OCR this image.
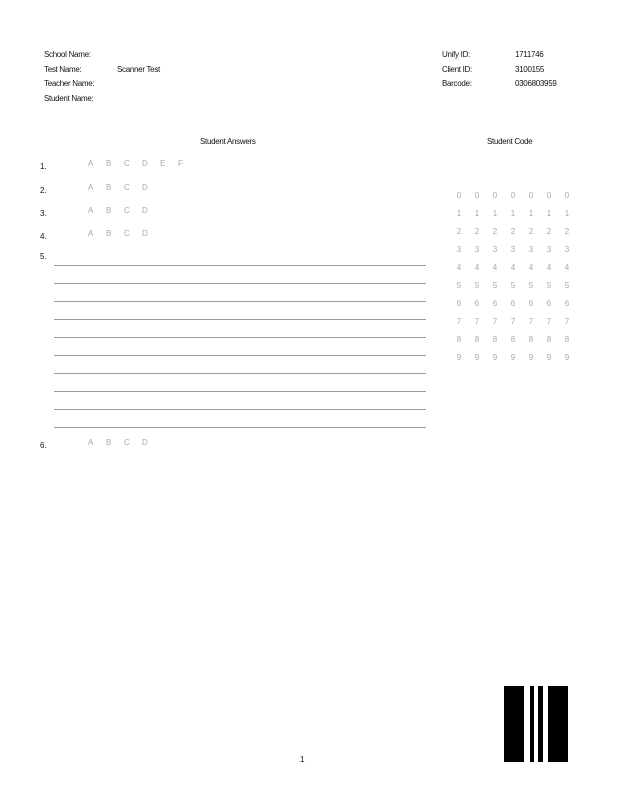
School Name:
Test Name:	Scanner Test
Teacher Name:
Student Name:
Unify ID:	1711746
Client ID:	3100155
Barcode:	0306803959
Student Answers	Student Code
1.	A B C D E F
2.	A B C D
3.	A B C D
4.	A B C D
5.
6.	A B C D
0	0	0	0	0	0	0
1	1	1	1	1	1	1
2	2	2	2	2	2	2
3	3	3	3	3	3	3
4	4	4	4	4	4	4
5	5	5	5	5	5	5
6	6	6	6	6	6	6
7	7	7	7	7	7	7
8	8	8	8	8	8	8
9	9	9	9	9	9	9
1
